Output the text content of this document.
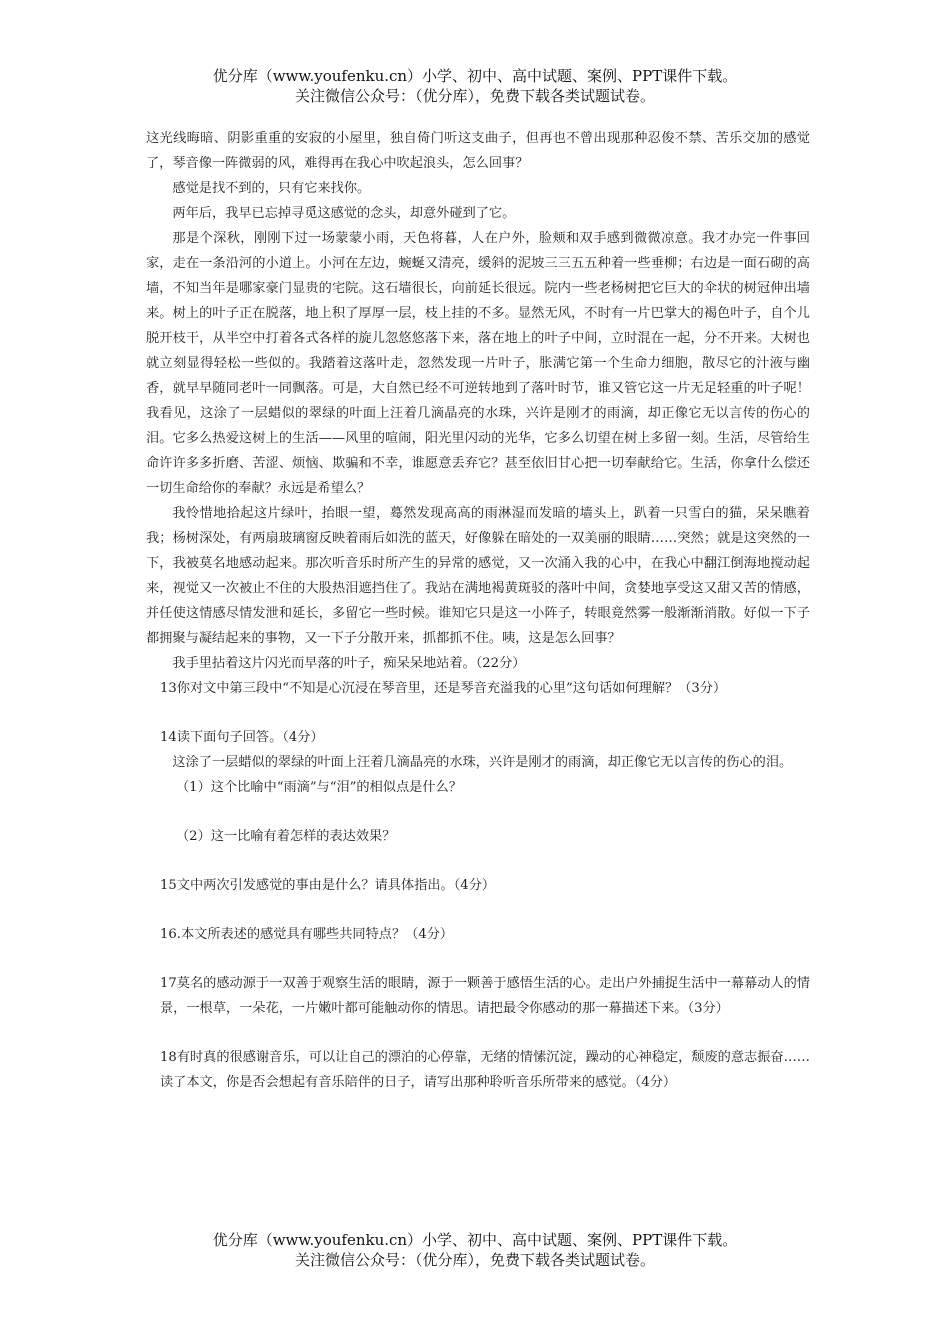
优分库（www.youfenku.cn）小学、初中、高中试题、案例、PPT课件下载。
关注微信公众号：（优分库），免费下载各类试题试卷。

这光线晦暗、阴影重重的安寂的小屋里，独自倚门听这支曲子，但再也不曾出现那种忍俊不禁、苦乐交加的感觉了，琴音像一阵微弱的风，难得再在我心中吹起浪头，怎么回事？

感觉是找不到的，只有它来找你。

两年后，我早已忘掉寻觅这感觉的念头，却意外碰到了它。

那是个深秋，刚刚下过一场蒙蒙小雨，天色将暮，人在户外，脸颊和双手感到微微凉意。我才办完一件事回家，走在一条沿河的小道上。小河在左边，蜿蜒又清亮，缓斜的泥坡三三五五种着一些垂柳；右边是一面石砌的高墙，不知当年是哪家豪门显贵的宅院。这石墙很长，向前延长很远。院内一些老杨树把它巨大的伞状的树冠伸出墙来。树上的叶子正在脱落，地上积了厚厚一层，枝上挂的不多。显然无风，不时有一片巴掌大的褐色叶子，自个儿脱开枝干，从半空中打着各式各样的旋儿忽悠悠落下来，落在地上的叶子中间，立时混在一起，分不开来。大树也就立刻显得轻松一些似的。我踏着这落叶走，忽然发现一片叶子，胀满它第一个生命力细胞，散尽它的汁液与幽香，就早早随同老叶一同飘落。可是，大自然已经不可逆转地到了落叶时节，谁又管它这一片无足轻重的叶子呢！我看见，这涂了一层蜡似的翠绿的叶面上汪着几滴晶亮的水珠，兴许是刚才的雨滴，却正像它无以言传的伤心的泪。它多么热爱这树上的生活——风里的喧闹，阳光里闪动的光华，它多么切望在树上多留一刻。生活，尽管给生命许许多多折磨、苦涩、烦恼、欺骗和不幸，谁愿意丢弃它？甚至依旧甘心把一切奉献给它。生活，你拿什么偿还一切生命给你的奉献？永远是希望么？

我怜惜地拾起这片绿叶，抬眼一望，蓦然发现高高的雨淋湿而发暗的墙头上，趴着一只雪白的猫，呆呆瞧着我；杨树深处，有两扇玻璃窗反映着雨后如洗的蓝天，好像躲在暗处的一双美丽的眼睛……突然；就是这突然的一下，我被莫名地感动起来。那次听音乐时所产生的异常的感觉，又一次涌入我的心中，在我心中翻江倒海地搅动起来，视觉又一次被止不住的大股热泪遮挡住了。我站在满地褐黄斑驳的落叶中间，贪婪地享受这又甜又苦的情感，并任使这情感尽情发泄和延长，多留它一些时候。谁知它只是这一小阵子，转眼竟然雾一般渐渐消散。好似一下子都拥聚与凝结起来的事物，又一下子分散开来，抓都抓不住。咦，这是怎么回事？

我手里拈着这片闪光而早落的叶子，痴呆呆地站着。（22分）

13你对文中第三段中“不知是心沉浸在琴音里，还是琴音充溢我的心里”这句话如何理解？（3分）

14读下面句子回答。（4分）

这涂了一层蜡似的翠绿的叶面上汪着几滴晶亮的水珠，兴许是刚才的雨滴，却正像它无以言传的伤心的泪。

（1）这个比喻中“雨滴”与“泪”的相似点是什么？

（2）这一比喻有着怎样的表达效果？

15文中两次引发感觉的事由是什么？请具体指出。（4分）

16.本文所表述的感觉具有哪些共同特点？（4分）

17莫名的感动源于一双善于观察生活的眼睛，源于一颗善于感悟生活的心。走出户外捕捉生活中一幕幕动人的情景，一根草，一朵花，一片嫩叶都可能触动你的情思。请把最令你感动的那一幕描述下来。（3分）

18有时真的很感谢音乐，可以让自己的漂泊的心停靠，无绪的情愫沉淀，躁动的心神稳定，颓废的意志振奋……读了本文，你是否会想起有音乐陪伴的日子，请写出那种聆听音乐所带来的感觉。（4分）

优分库（www.youfenku.cn）小学、初中、高中试题、案例、PPT课件下载。
关注微信公众号：（优分库），免费下载各类试题试卷。
